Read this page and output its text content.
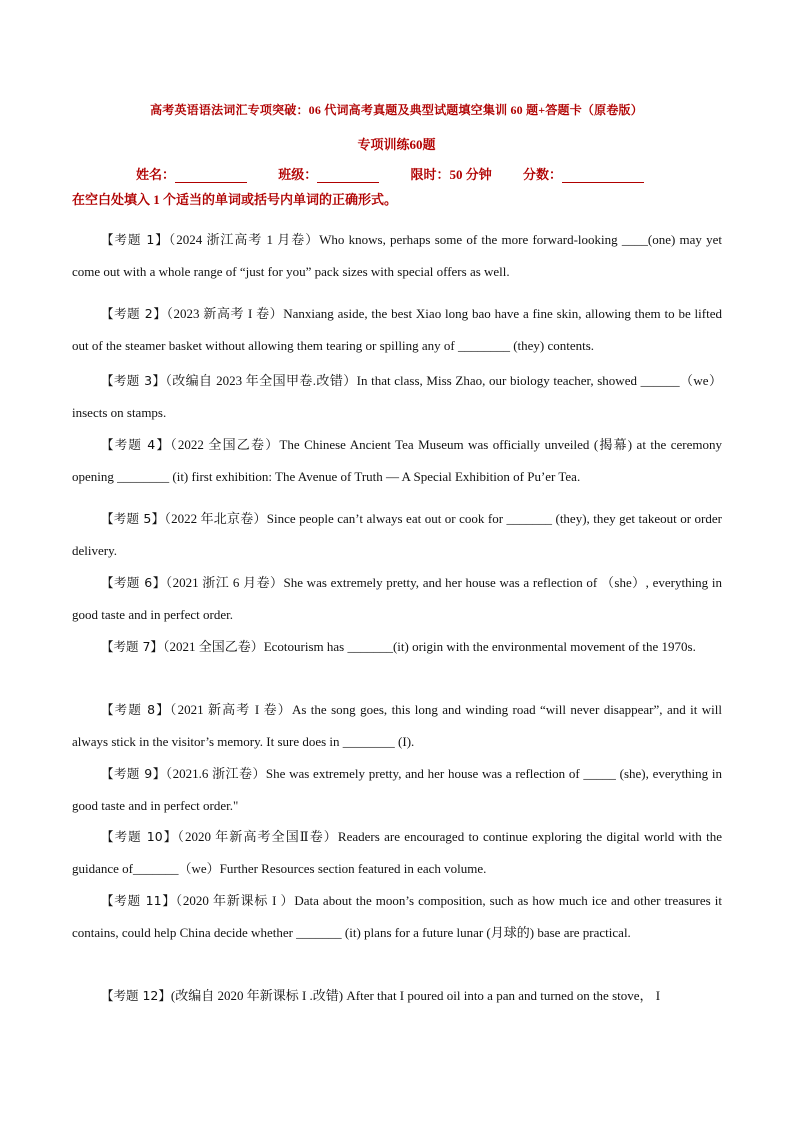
高考英语语法词汇专项突破：06 代词高考真题及典型试题填空集训 60 题+答题卡（原卷版）
专项训练60题
姓名：	班级：	限时：50 分钟 分数：
在空白处填入 1 个适当的单词或括号内单词的正确形式。

【考题 1】（2024 浙江高考 1 月卷）Who knows, perhaps some of the more forward-looking ____(one) may yet come out with a whole range of “just for you” pack sizes with special offers as well.

【考题 2】（2023 新高考 I 卷）Nanxiang aside, the best Xiao long bao have a fine skin, allowing them to be lifted out of the steamer basket without allowing them tearing or spilling any of ________ (they) contents.

【考题 3】（改编自 2023 年全国甲卷.改错）In that class, Miss Zhao, our biology teacher, showed ______（we）insects on stamps.

【考题 4】（2022 全国乙卷）The Chinese Ancient Tea Museum was officially unveiled (揭幕) at the ceremony opening ________ (it) first exhibition: The Avenue of Truth — A Special Exhibition of Pu’er Tea.

【考题 5】（2022 年北京卷）Since people can’t always eat out or cook for _______ (they), they get takeout or order delivery.

【考题 6】（2021 浙江 6 月卷）She was extremely pretty, and her house was a reflection of （she）, everything in good taste and in perfect order.

【考题 7】（2021 全国乙卷）Ecotourism has _______(it) origin with the environmental movement of the 1970s.

【考题 8】（2021 新高考 I 卷）As the song goes, this long and winding road “will never disappear”, and it will always stick in the visitor’s memory. It sure does in ________ (I).

【考题 9】（2021.6 浙江卷）She was extremely pretty, and her house was a reflection of _____ (she), everything in good taste and in perfect order."

【考题 10】（2020 年新高考全国Ⅱ卷）Readers are encouraged to continue exploring the digital world with the guidance of_______（we）Further Resources section featured in each volume.

【考题 11】（2020 年新课标 I ）Data about the moon’s composition, such as how much ice and other treasures it contains, could help China decide whether _______ (it) plans for a future lunar (月球的) base are practical.

【考题 12】(改编自 2020 年新课标 I .改错) After that I poured oil into a pan and turned on the stove， I
